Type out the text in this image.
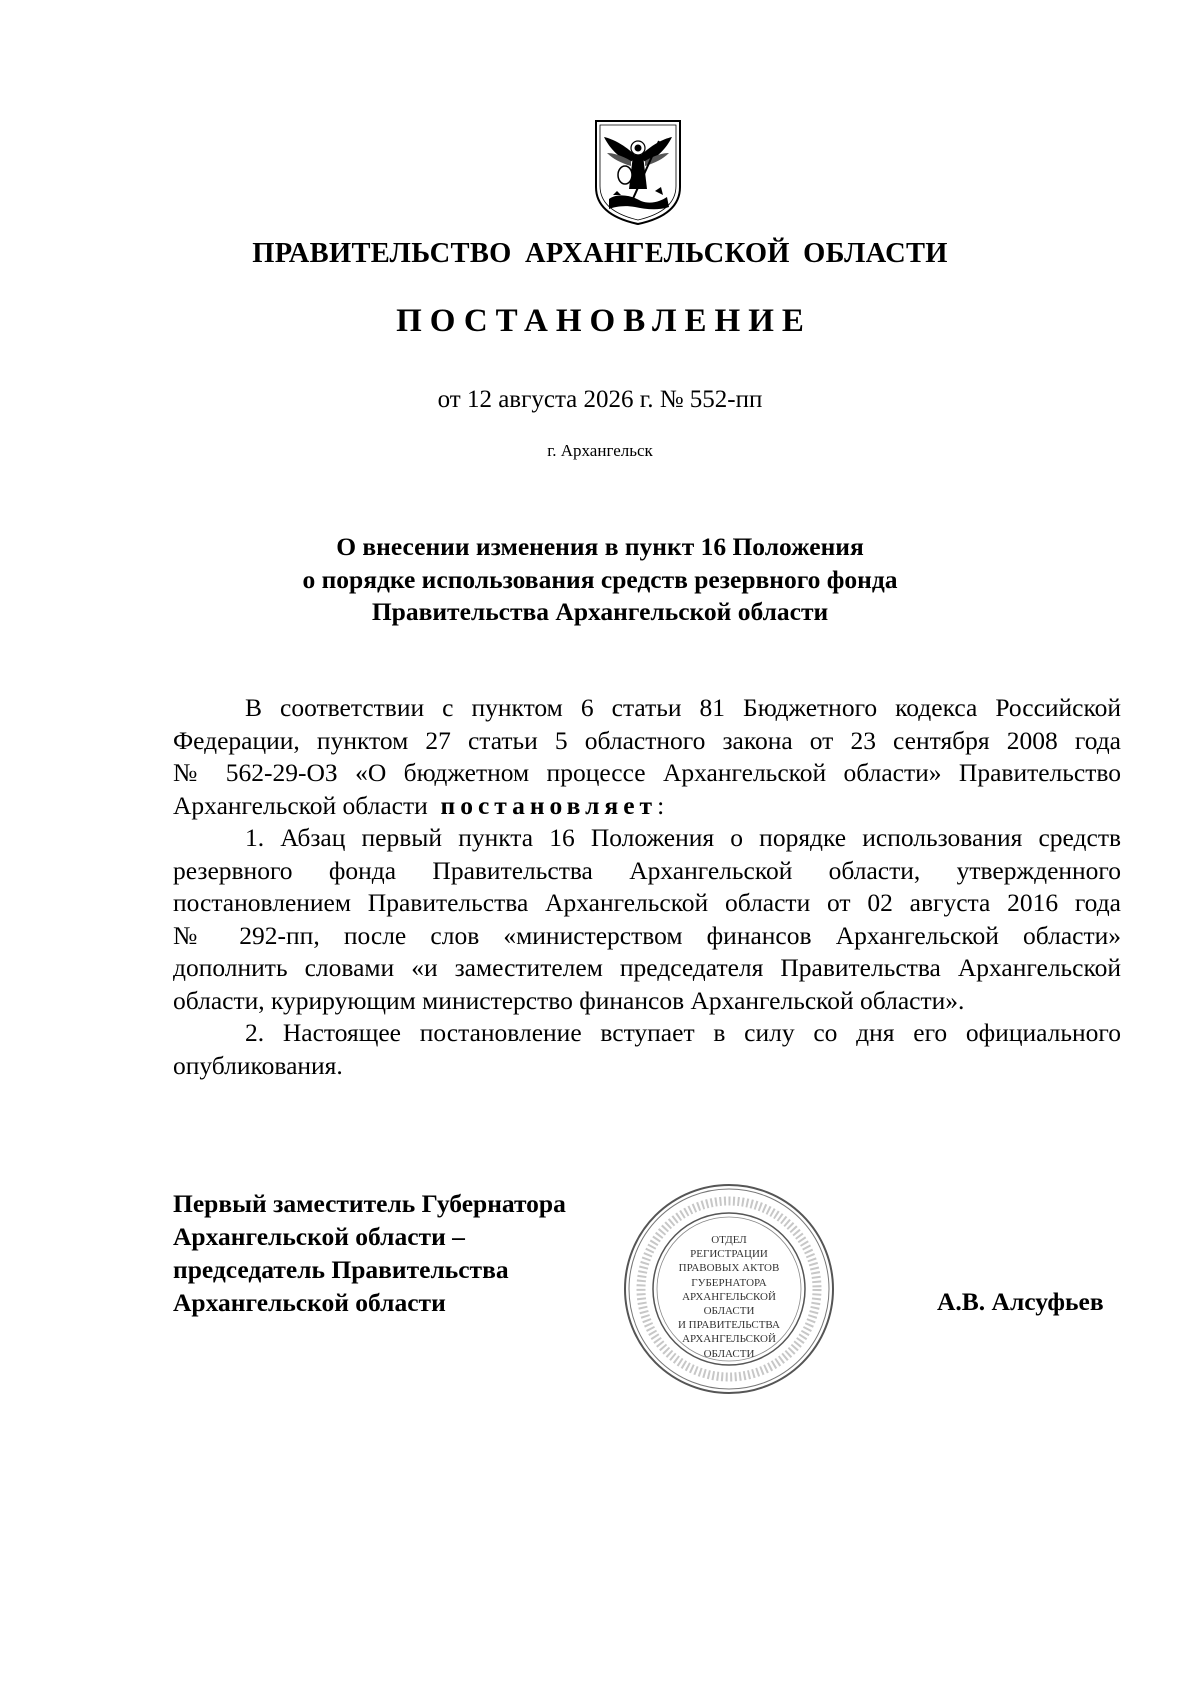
ПРАВИТЕЛЬСТВО АРХАНГЕЛЬСКОЙ ОБЛАСТИ
ПОСТАНОВЛЕНИЕ
от 12 августа 2026 г. № 552-пп
г. Архангельск
О внесении изменения в пункт 16 Положения
о порядке использования средств резервного фонда
Правительства Архангельской области
В соответствии с пунктом 6 статьи 81 Бюджетного кодекса Российской
Федерации, пунктом 27 статьи 5 областного закона от 23 сентября 2008 года
№ 562-29-ОЗ «О бюджетном процессе Архангельской области» Правительство
Архангельской области постановляет:
1. Абзац первый пункта 16 Положения о порядке использования средств
резервного фонда Правительства Архангельской области, утвержденного
постановлением Правительства Архангельской области от 02 августа 2016 года
№ 292-пп, после слов «министерством финансов Архангельской области»
дополнить словами «и заместителем председателя Правительства Архангельской
области, курирующим министерство финансов Архангельской области».
2. Настоящее постановление вступает в силу со дня его официального
опубликования.
Первый заместитель Губернатора
Архангельской области –
председатель Правительства
Архангельской области
ОТДЕЛ
РЕГИСТРАЦИИ
ПРАВОВЫХ АКТОВ
ГУБЕРНАТОРА
АРХАНГЕЛЬСКОЙ
ОБЛАСТИ
И ПРАВИТЕЛЬСТВА
АРХАНГЕЛЬСКОЙ
ОБЛАСТИ
А.В. Алсуфьев
